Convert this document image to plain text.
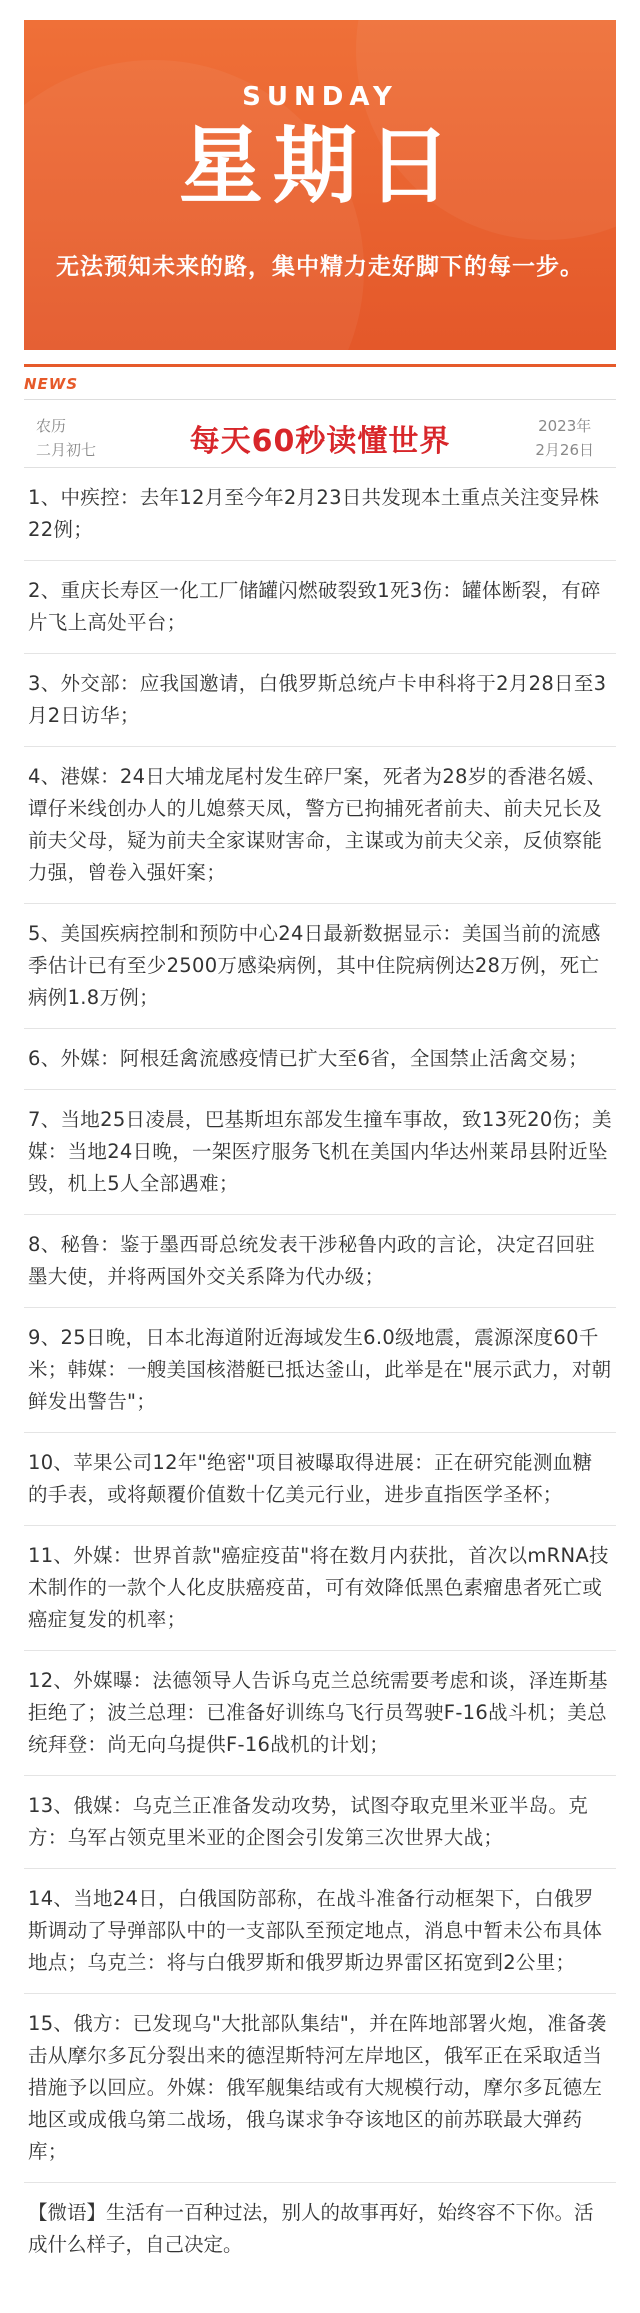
SUNDAY
星期日
无法预知未来的路，集中精力走好脚下的每一步。
NEWS
农历
二月初七	每天60秒读懂世界	2023年
2月26日
1、中疾控：去年12月至今年2月23日共发现本土重点关注变异株22例；
2、重庆长寿区一化工厂储罐闪燃破裂致1死3伤：罐体断裂，有碎片飞上高处平台；
3、外交部：应我国邀请，白俄罗斯总统卢卡申科将于2月28日至3月2日访华；
4、港媒：24日大埔龙尾村发生碎尸案，死者为28岁的香港名媛、谭仔米线创办人的儿媳蔡天凤，警方已拘捕死者前夫、前夫兄长及前夫父母，疑为前夫全家谋财害命，主谋或为前夫父亲，反侦察能力强，曾卷入强奸案；
5、美国疾病控制和预防中心24日最新数据显示：美国当前的流感季估计已有至少2500万感染病例，其中住院病例达28万例，死亡病例1.8万例；
6、外媒：阿根廷禽流感疫情已扩大至6省，全国禁止活禽交易；
7、当地25日凌晨，巴基斯坦东部发生撞车事故，致13死20伤；美媒：当地24日晚，一架医疗服务飞机在美国内华达州莱昂县附近坠毁，机上5人全部遇难；
8、秘鲁：鉴于墨西哥总统发表干涉秘鲁内政的言论，决定召回驻墨大使，并将两国外交关系降为代办级；
9、25日晚，日本北海道附近海域发生6.0级地震，震源深度60千米；韩媒：一艘美国核潜艇已抵达釜山，此举是在"展示武力，对朝鲜发出警告"；
10、苹果公司12年"绝密"项目被曝取得进展：正在研究能测血糖的手表，或将颠覆价值数十亿美元行业，进步直指医学圣杯；
11、外媒：世界首款"癌症疫苗"将在数月内获批，首次以mRNA技术制作的一款个人化皮肤癌疫苗，可有效降低黑色素瘤患者死亡或癌症复发的机率；
12、外媒曝：法德领导人告诉乌克兰总统需要考虑和谈，泽连斯基拒绝了；波兰总理：已准备好训练乌飞行员驾驶F-16战斗机；美总统拜登：尚无向乌提供F-16战机的计划；
13、俄媒：乌克兰正准备发动攻势，试图夺取克里米亚半岛。克方：乌军占领克里米亚的企图会引发第三次世界大战；
14、当地24日，白俄国防部称，在战斗准备行动框架下，白俄罗斯调动了导弹部队中的一支部队至预定地点，消息中暂未公布具体地点；乌克兰：将与白俄罗斯和俄罗斯边界雷区拓宽到2公里；
15、俄方：已发现乌"大批部队集结"，并在阵地部署火炮，准备袭击从摩尔多瓦分裂出来的德涅斯特河左岸地区，俄军正在采取适当措施予以回应。外媒：俄军舰集结或有大规模行动，摩尔多瓦德左地区或成俄乌第二战场，俄乌谋求争夺该地区的前苏联最大弹药库；
【微语】生活有一百种过法，别人的故事再好，始终容不下你。活成什么样子，自己决定。
